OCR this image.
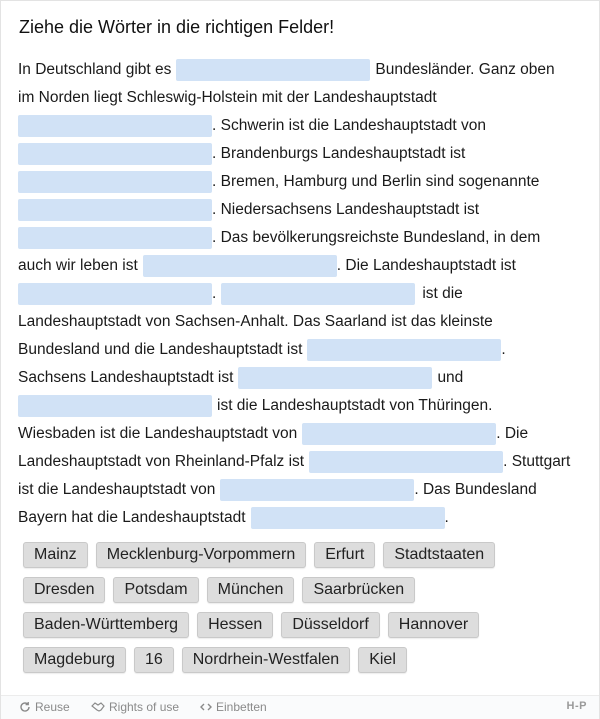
Ziehe die Wörter in die richtigen Felder!
In Deutschland gibt es	Bundesländer. Ganz oben
im Norden liegt Schleswig-Holstein mit der Landeshauptstadt
. Schwerin ist die Landeshauptstadt von
. Brandenburgs Landeshauptstadt ist
. Bremen, Hamburg und Berlin sind sogenannte
. Niedersachsens Landeshauptstadt ist
. Das bevölkerungsreichste Bundesland, in dem
auch wir leben ist	. Die Landeshauptstadt ist
.	ist die
Landeshauptstadt von Sachsen-Anhalt. Das Saarland ist das kleinste
Bundesland und die Landeshauptstadt ist	.
Sachsens Landeshauptstadt ist	und
ist die Landeshauptstadt von Thüringen.
Wiesbaden ist die Landeshauptstadt von	. Die
Landeshauptstadt von Rheinland-Pfalz ist	. Stuttgart
ist die Landeshauptstadt von	. Das Bundesland
Bayern hat die Landeshauptstadt	.
Mainz	Mecklenburg-Vorpommern	Erfurt	Stadtstaaten
Dresden	Potsdam	München	Saarbrücken
Baden-Württemberg	Hessen	Düsseldorf	Hannover
Magdeburg	16	Nordrhein-Westfalen	Kiel
Reuse	Rights of use	Einbetten	H-P
